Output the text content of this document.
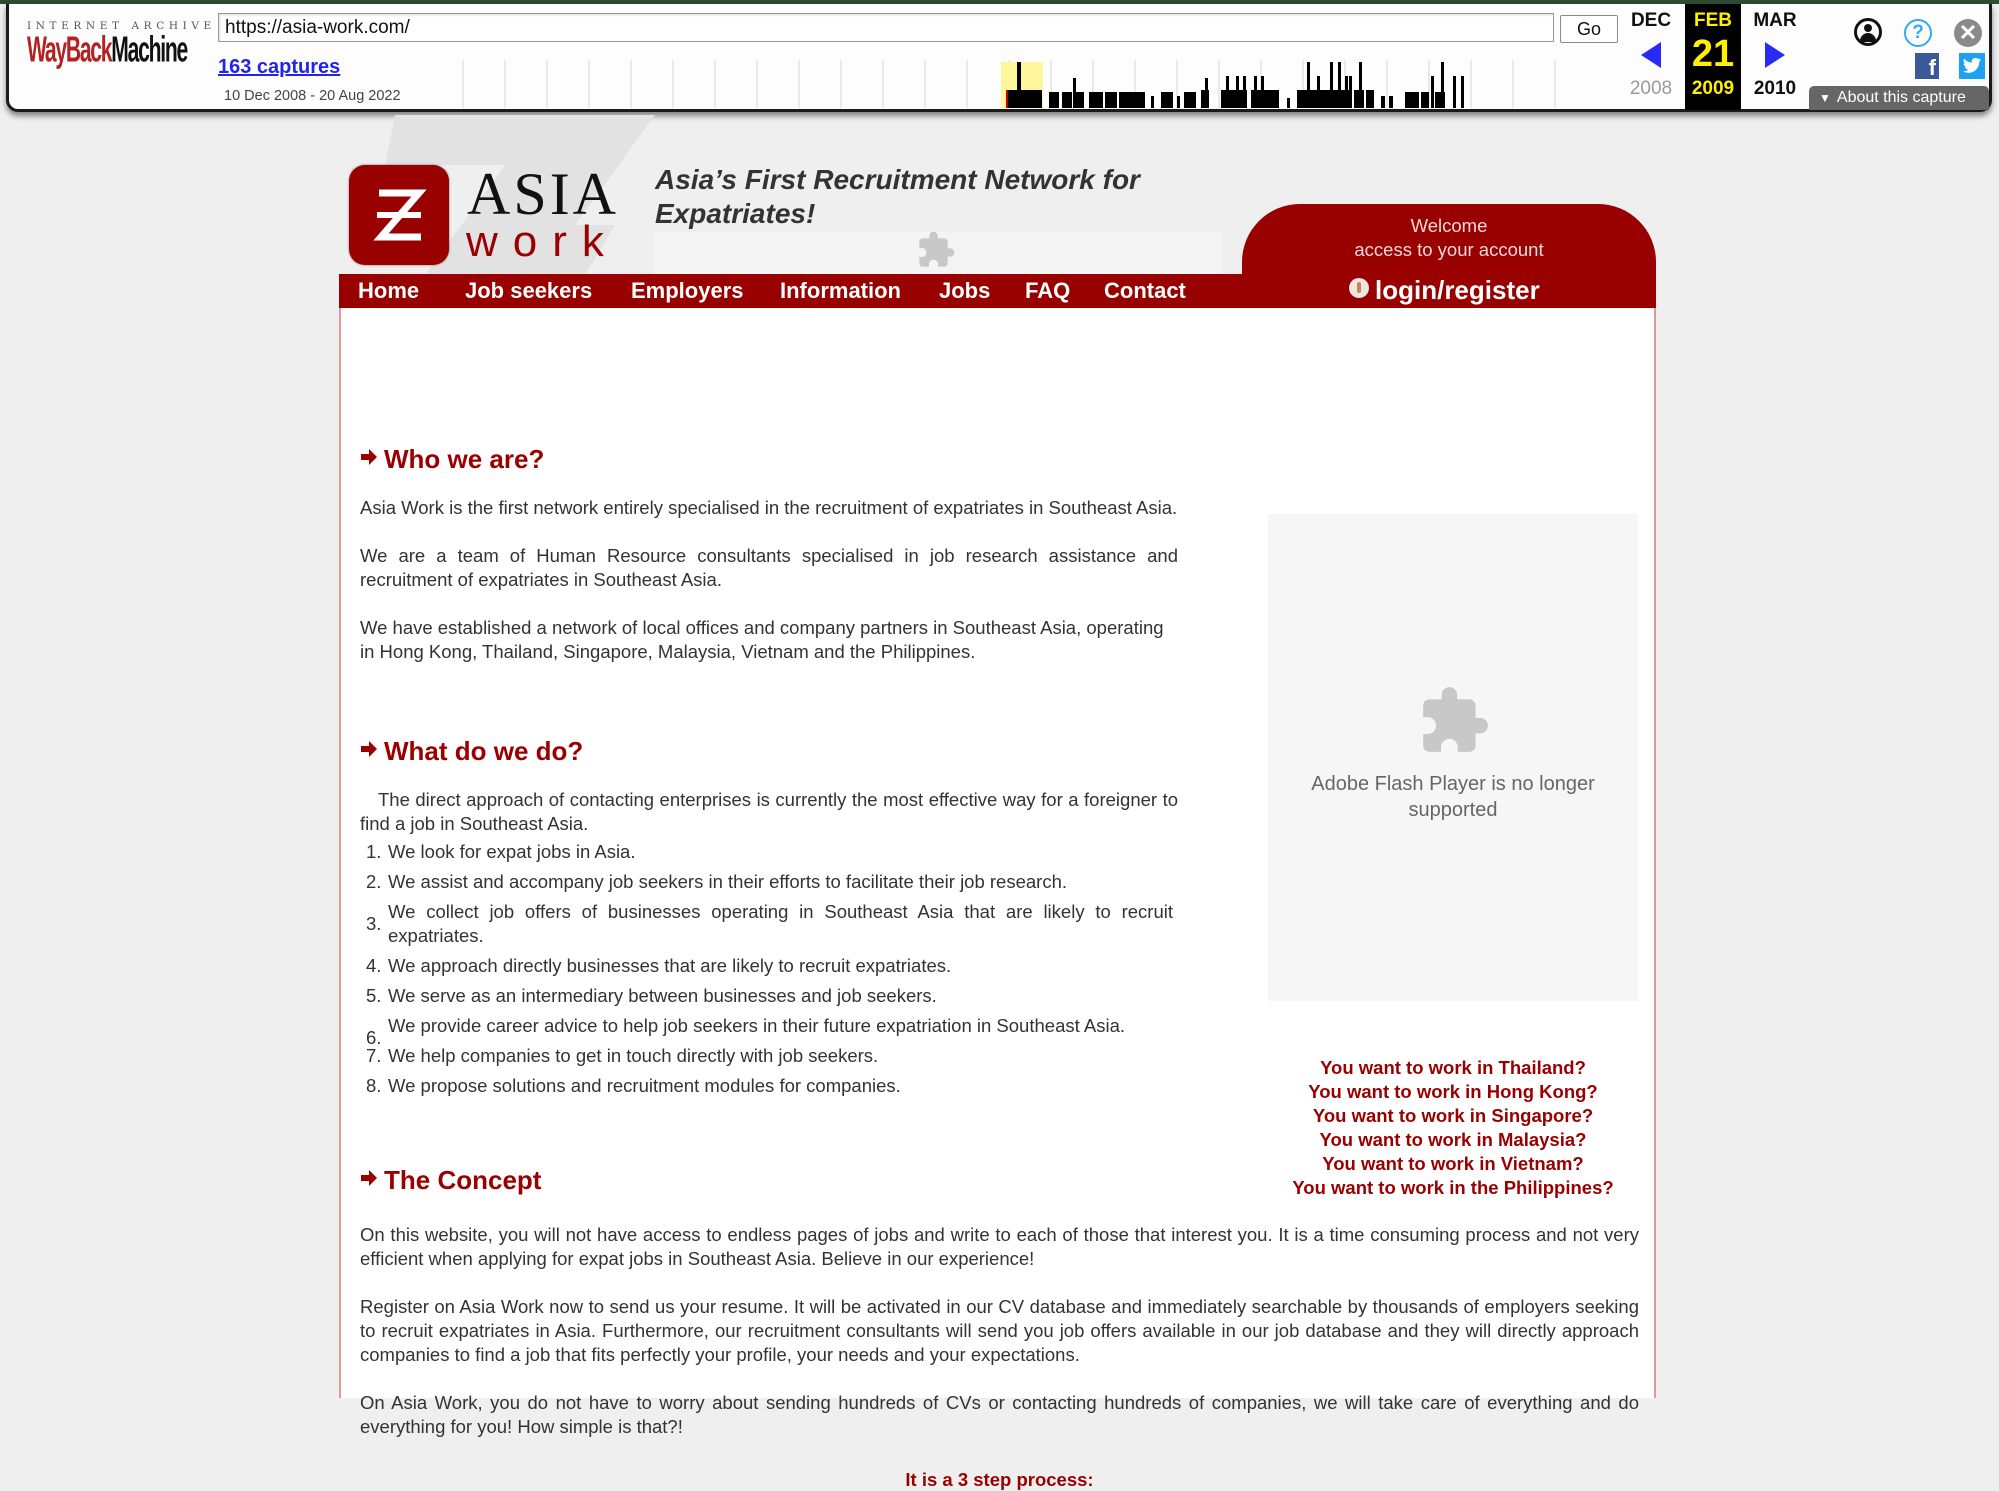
INTERNET ARCHIVE
WayBackMachine
https://asia-work.com/
Go
163 captures
10 Dec 2008 - 20 Aug 2022
DEC
2008
FEB
21
2009
MAR
2010
?	✕
f
▼ About this capture
ASIA
work
Asia’s First Recruitment Network for Expatriates!	Welcome
access to your account
Home Job seekers Employers Information Jobs FAQ Contact	login/register
Who we are?

Asia Work is the first network entirely specialised in the recruitment of expatriates in Southeast Asia.

We are a team of Human Resource consultants specialised in job research assistance and recruitment of expatriates in Southeast Asia.

We have established a network of local offices and company partners in Southeast Asia, operating

in Hong Kong, Thailand, Singapore, Malaysia, Vietnam and the Philippines.

What do we do?

The direct approach of contacting enterprises is currently the most effective way for a foreigner to find a job in Southeast Asia.

1. We look for expat jobs in Asia.
2. We assist and accompany job seekers in their efforts to facilitate their job research.
3.
We collect job offers of businesses operating in Southeast Asia that are likely to recruit expatriates.
4. We approach directly businesses that are likely to recruit expatriates.
5. We serve as an intermediary between businesses and job seekers.
6.
We provide career advice to help job seekers in their future expatriation in Southeast Asia.
7. We help companies to get in touch directly with job seekers.
8. We propose solutions and recruitment modules for companies.
Adobe Flash Player is no longer supported
You want to work in Thailand?
You want to work in Hong Kong?
You want to work in Singapore?
You want to work in Malaysia?
You want to work in Vietnam?
You want to work in the Philippines?
The Concept

On this website, you will not have access to endless pages of jobs and write to each of those that interest you. It is a time consuming process and not very efficient when applying for expat jobs in Southeast Asia. Believe in our experience!

Register on Asia Work now to send us your resume. It will be activated in our CV database and immediately searchable by thousands of employers seeking to recruit expatriates in Asia. Furthermore, our recruitment consultants will send you job offers available in our job database and they will directly approach companies to find a job that fits perfectly your profile, your needs and your expectations.

On Asia Work, you do not have to worry about sending hundreds of CVs or contacting hundreds of companies, we will take care of everything and do everything for you! How simple is that?!

It is a 3 step process:
